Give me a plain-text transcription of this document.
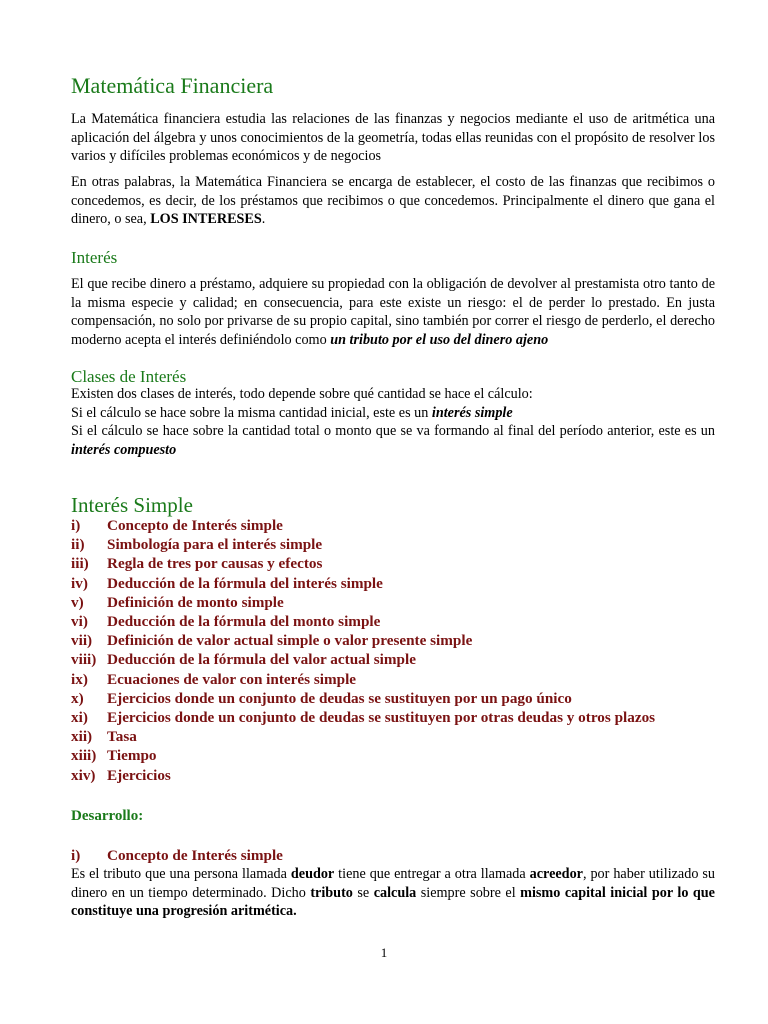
Matemática Financiera

La Matemática financiera estudia las relaciones de las finanzas y negocios mediante el uso de aritmética una aplicación del álgebra y unos conocimientos de la geometría, todas ellas reunidas con el propósito de resolver los varios y difíciles problemas económicos y de negocios

En otras palabras, la Matemática Financiera se encarga de establecer, el costo de las finanzas que recibimos o concedemos, es decir, de los préstamos que recibimos o que concedemos. Principalmente el dinero que gana el dinero, o sea, LOS INTERESES.

Interés

El que recibe dinero a préstamo, adquiere su propiedad con la obligación de devolver al prestamista otro tanto de la misma especie y calidad; en consecuencia, para este existe un riesgo: el de perder lo prestado. En justa compensación, no solo por privarse de su propio capital, sino también por correr el riesgo de perderlo, el derecho moderno acepta el interés definiéndolo como un tributo por el uso del dinero ajeno

Clases de Interés

Existen dos clases de interés, todo depende sobre qué cantidad se hace el cálculo:

Si el cálculo se hace sobre la misma cantidad inicial, este es un interés simple

Si el cálculo se hace sobre la cantidad total o monto que se va formando al final del período anterior, este es un interés compuesto

Interés Simple
i)	Concepto de Interés simple
ii)	Simbología para el interés simple
iii)	Regla de tres por causas y efectos
iv)	Deducción de la fórmula del interés simple
v)	Definición de monto simple
vi)	Deducción de la fórmula del monto simple
vii) Definición de valor actual simple o valor presente simple
viii) Deducción de la fórmula del valor actual simple
ix)	Ecuaciones de valor con interés simple
x)	Ejercicios donde un conjunto de deudas se sustituyen por un pago único
xi)	Ejercicios donde un conjunto de deudas se sustituyen por otras deudas y otros plazos
xii) Tasa
xiii) Tiempo
xiv) Ejercicios
Desarrollo:
i)	Concepto de Interés simple

Es el tributo que una persona llamada deudor tiene que entregar a otra llamada acreedor, por haber utilizado su dinero en un tiempo determinado. Dicho tributo se calcula siempre sobre el mismo capital inicial por lo que constituye una progresión aritmética.

1
